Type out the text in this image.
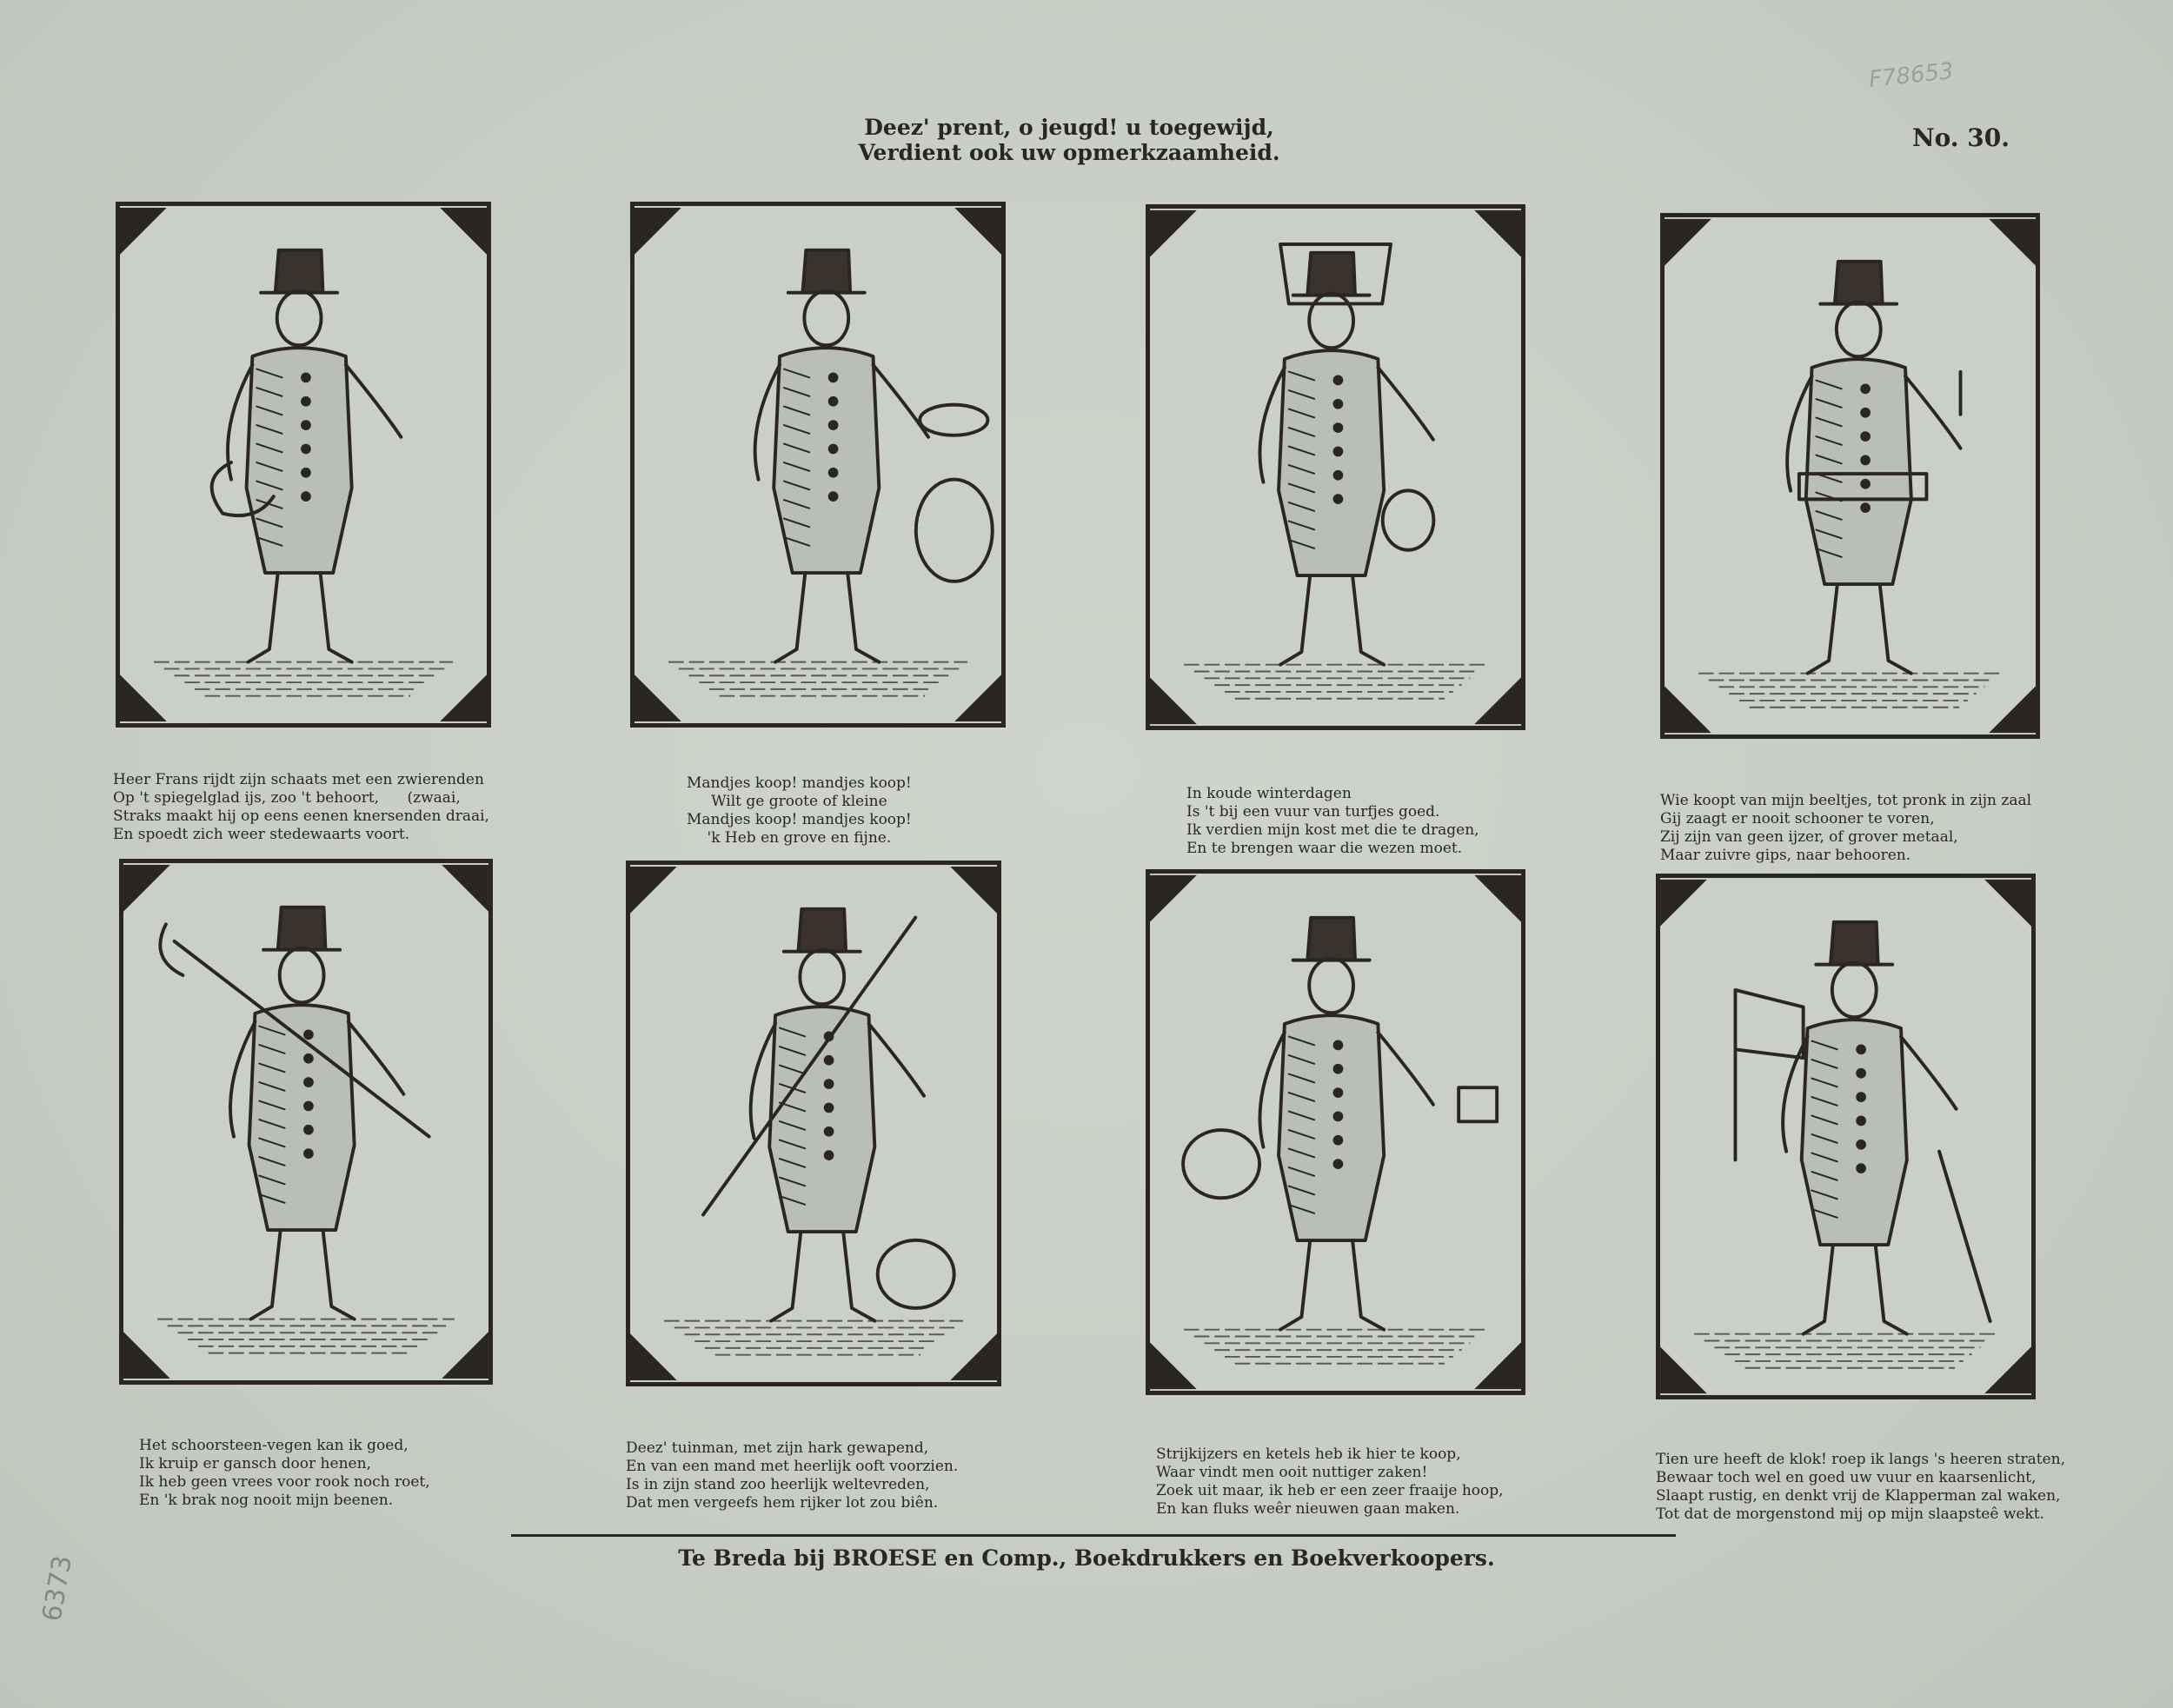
F78653
6373
Deez' prent, o jeugd! u toegewijd,
Verdient ook uw opmerkzaamheid.
No. 30.

Heer Frans rijdt zijn schaats met een zwierenden
Op 't spiegelglad ijs, zoo 't behoort,      (zwaai,
Straks maakt hij op eens eenen knersenden draai,
En spoedt zich weer stedewaarts voort.

Mandjes koop! mandjes koop!
Wilt ge groote of kleine
Mandjes koop! mandjes koop!
'k Heb en grove en fijne.

In koude winterdagen
Is 't bij een vuur van turfjes goed.
Ik verdien mijn kost met die te dragen,
En te brengen waar die wezen moet.

Wie koopt van mijn beeltjes, tot pronk in zijn zaal
Gij zaagt er nooit schooner te voren,
Zij zijn van geen ijzer, of grover metaal,
Maar zuivre gips, naar behooren.

Het schoorsteen-vegen kan ik goed,
Ik kruip er gansch door henen,
Ik heb geen vrees voor rook noch roet,
En 'k brak nog nooit mijn beenen.

Deez' tuinman, met zijn hark gewapend,
En van een mand met heerlijk ooft voorzien.
Is in zijn stand zoo heerlijk weltevreden,
Dat men vergeefs hem rijker lot zou biên.

Strijkijzers en ketels heb ik hier te koop,
Waar vindt men ooit nuttiger zaken!
Zoek uit maar, ik heb er een zeer fraaije hoop,
En kan fluks weêr nieuwen gaan maken.

Tien ure heeft de klok! roep ik langs 's heeren straten,
Bewaar toch wel en goed uw vuur en kaarsenlicht,
Slaapt rustig, en denkt vrij de Klapperman zal waken,
Tot dat de morgenstond mij op mijn slaapsteê wekt.

Te Breda bij BROESE en Comp., Boekdrukkers en Boekverkoopers.
